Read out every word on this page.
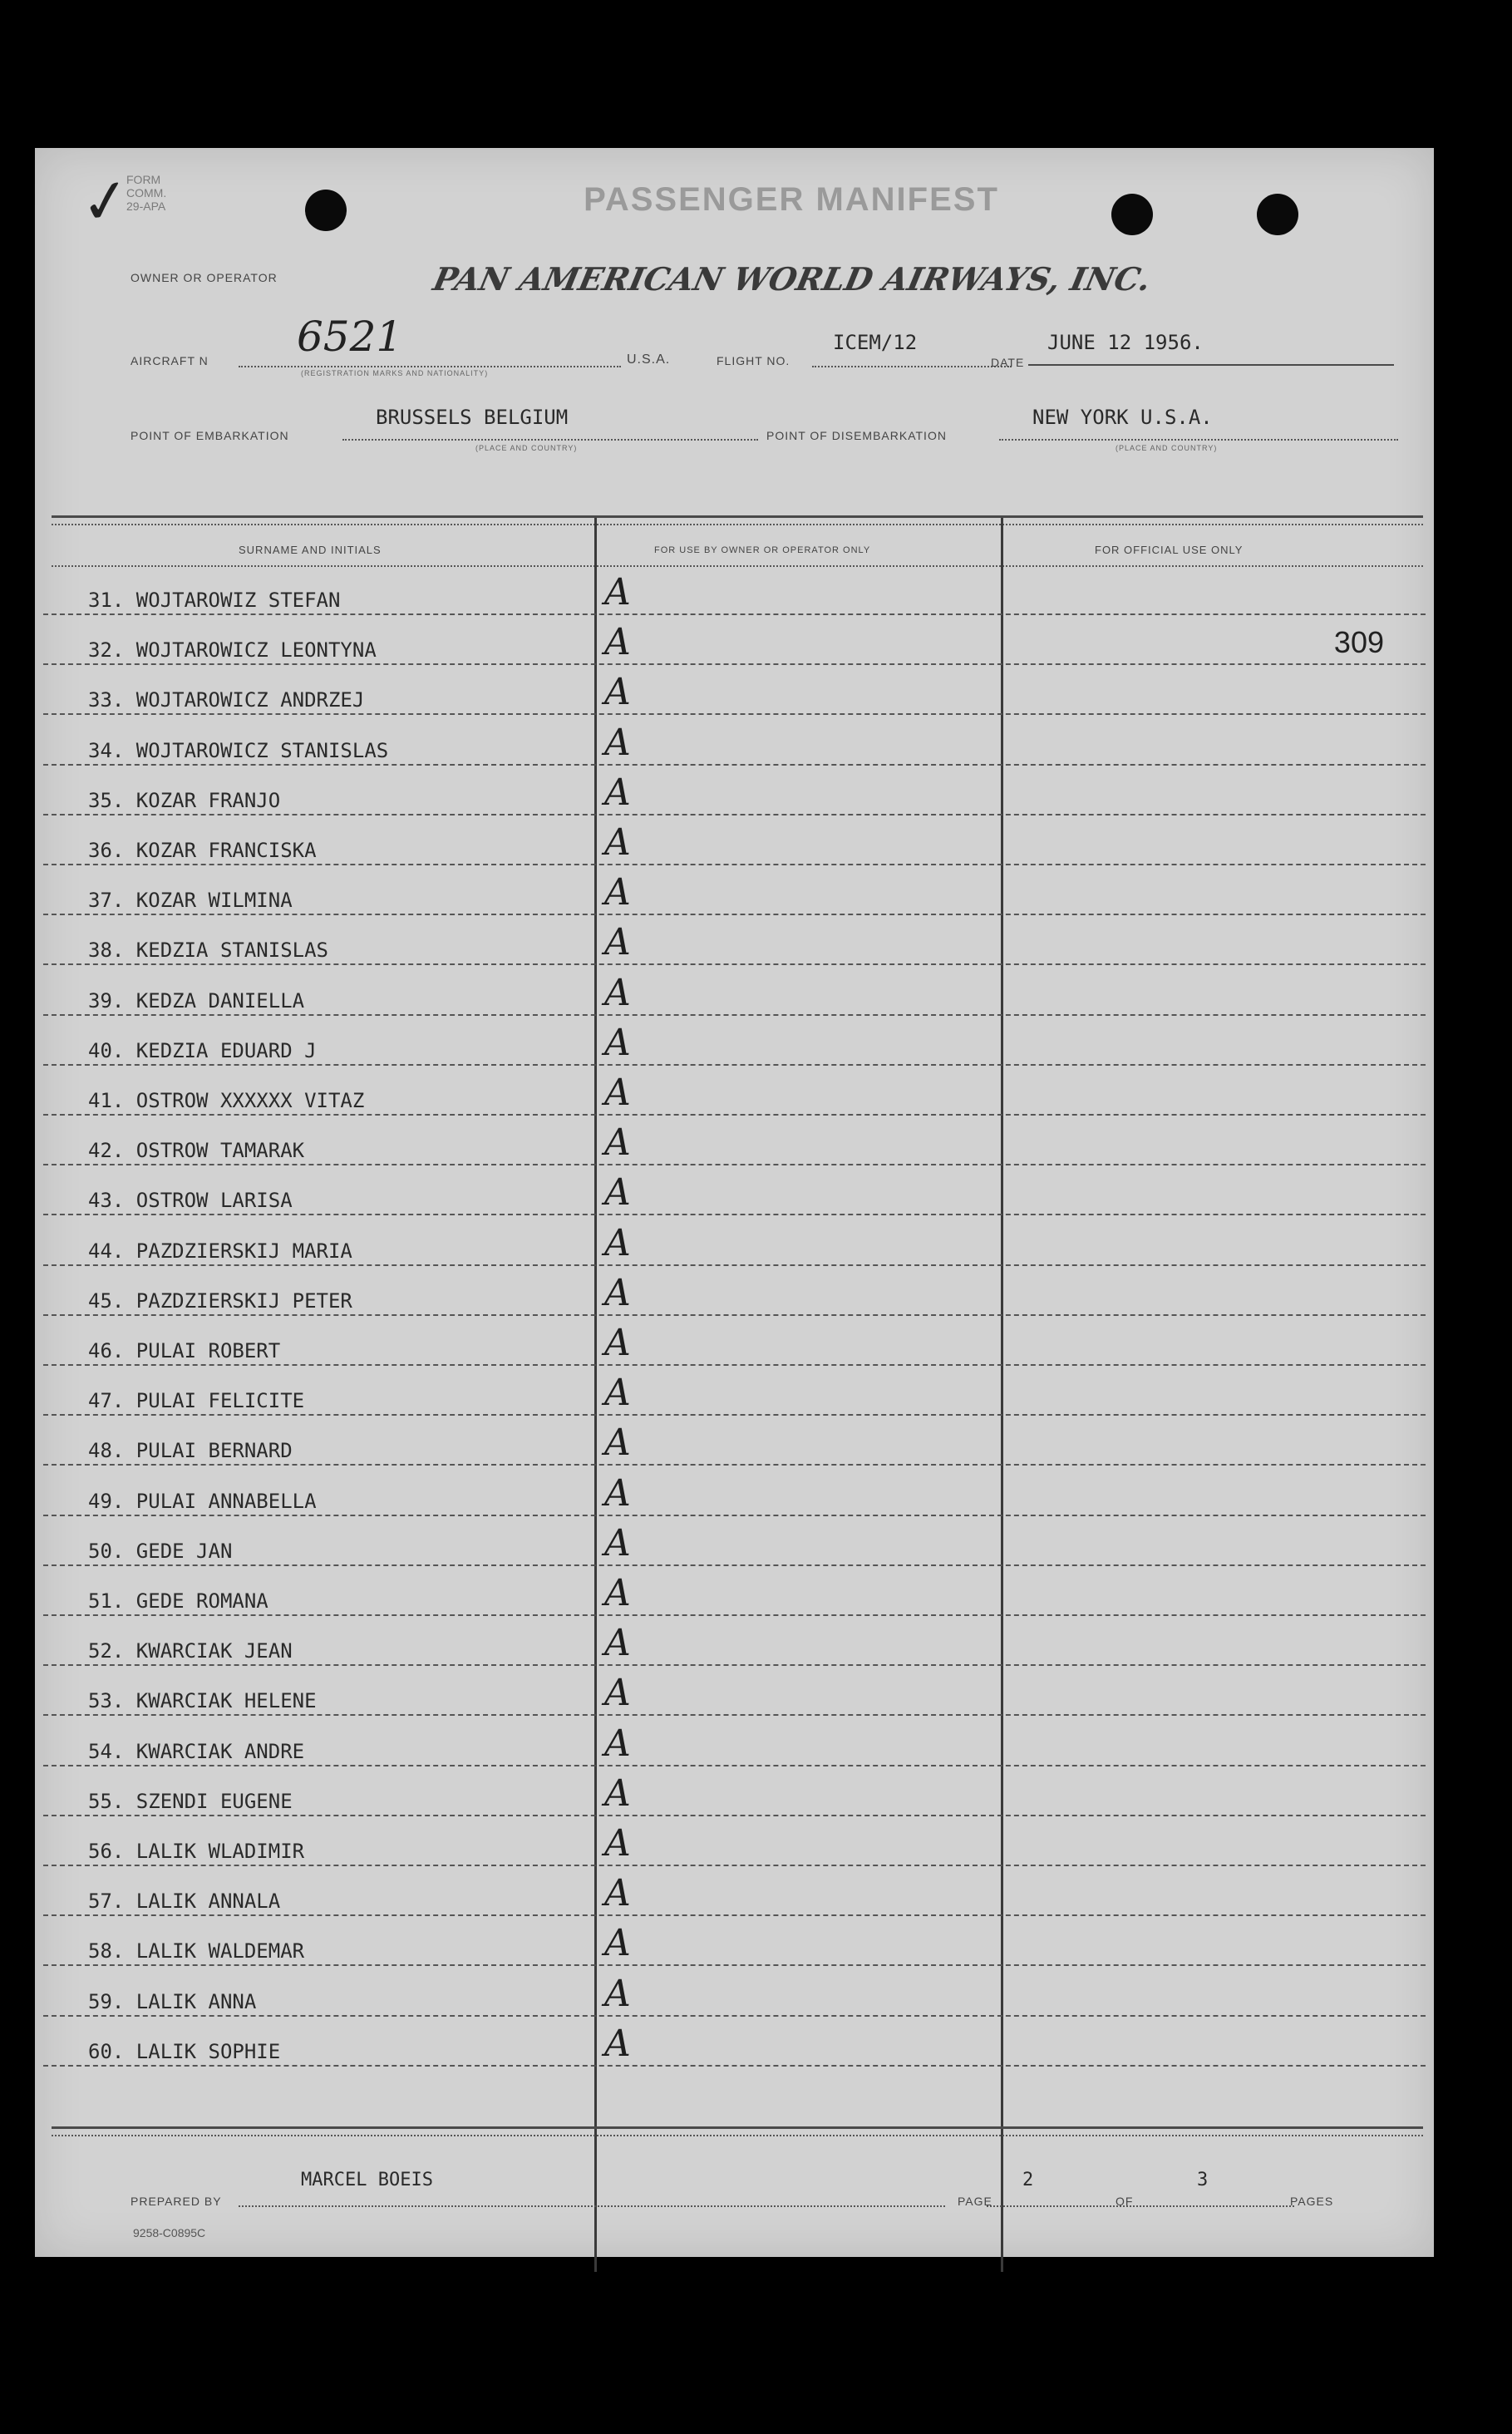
✓
FORM
COMM.
29-APA	PASSENGER MANIFEST
OWNER OR OPERATOR	PAN AMERICAN WORLD AIRWAYS, INC.
AIRCRAFT N 6521
(REGISTRATION MARKS AND NATIONALITY)
U.S.A.	FLIGHT NO.
ICEM/12
DATE
JUNE 12 1956.
POINT OF EMBARKATION
BRUSSELS BELGIUM
(PLACE AND COUNTRY)
POINT OF DISEMBARKATION
NEW YORK U.S.A.
(PLACE AND COUNTRY)
SURNAME AND INITIALS	FOR USE BY OWNER OR OPERATOR ONLY	FOR OFFICIAL USE ONLY
31. WOJTAROWIZ STEFAN	A
32. WOJTAROWICZ LEONTYNA	A	309
33. WOJTAROWICZ ANDRZEJ	A
34. WOJTAROWICZ STANISLAS	A
35. KOZAR FRANJO	A
36. KOZAR FRANCISKA	A
37. KOZAR WILMINA	A
38. KEDZIA STANISLAS	A
39. KEDZA DANIELLA	A
40. KEDZIA EDUARD J	A
41. OSTROW XXXXXX VITAZ	A
42. OSTROW TAMARAK	A
43. OSTROW LARISA	A
44. PAZDZIERSKIJ MARIA	A
45. PAZDZIERSKIJ PETER	A
46. PULAI ROBERT	A
47. PULAI FELICITE	A
48. PULAI BERNARD	A
49. PULAI ANNABELLA	A
50. GEDE JAN	A
51. GEDE ROMANA	A
52. KWARCIAK JEAN	A
53. KWARCIAK HELENE	A
54. KWARCIAK ANDRE	A
55. SZENDI EUGENE	A
56. LALIK WLADIMIR	A
57. LALIK ANNALA	A
58. LALIK WALDEMAR	A
59. LALIK ANNA	A
60. LALIK SOPHIE	A
PREPARED BY
MARCEL BOEIS
PAGE
2
OF
3
PAGES
9258-C0895C
